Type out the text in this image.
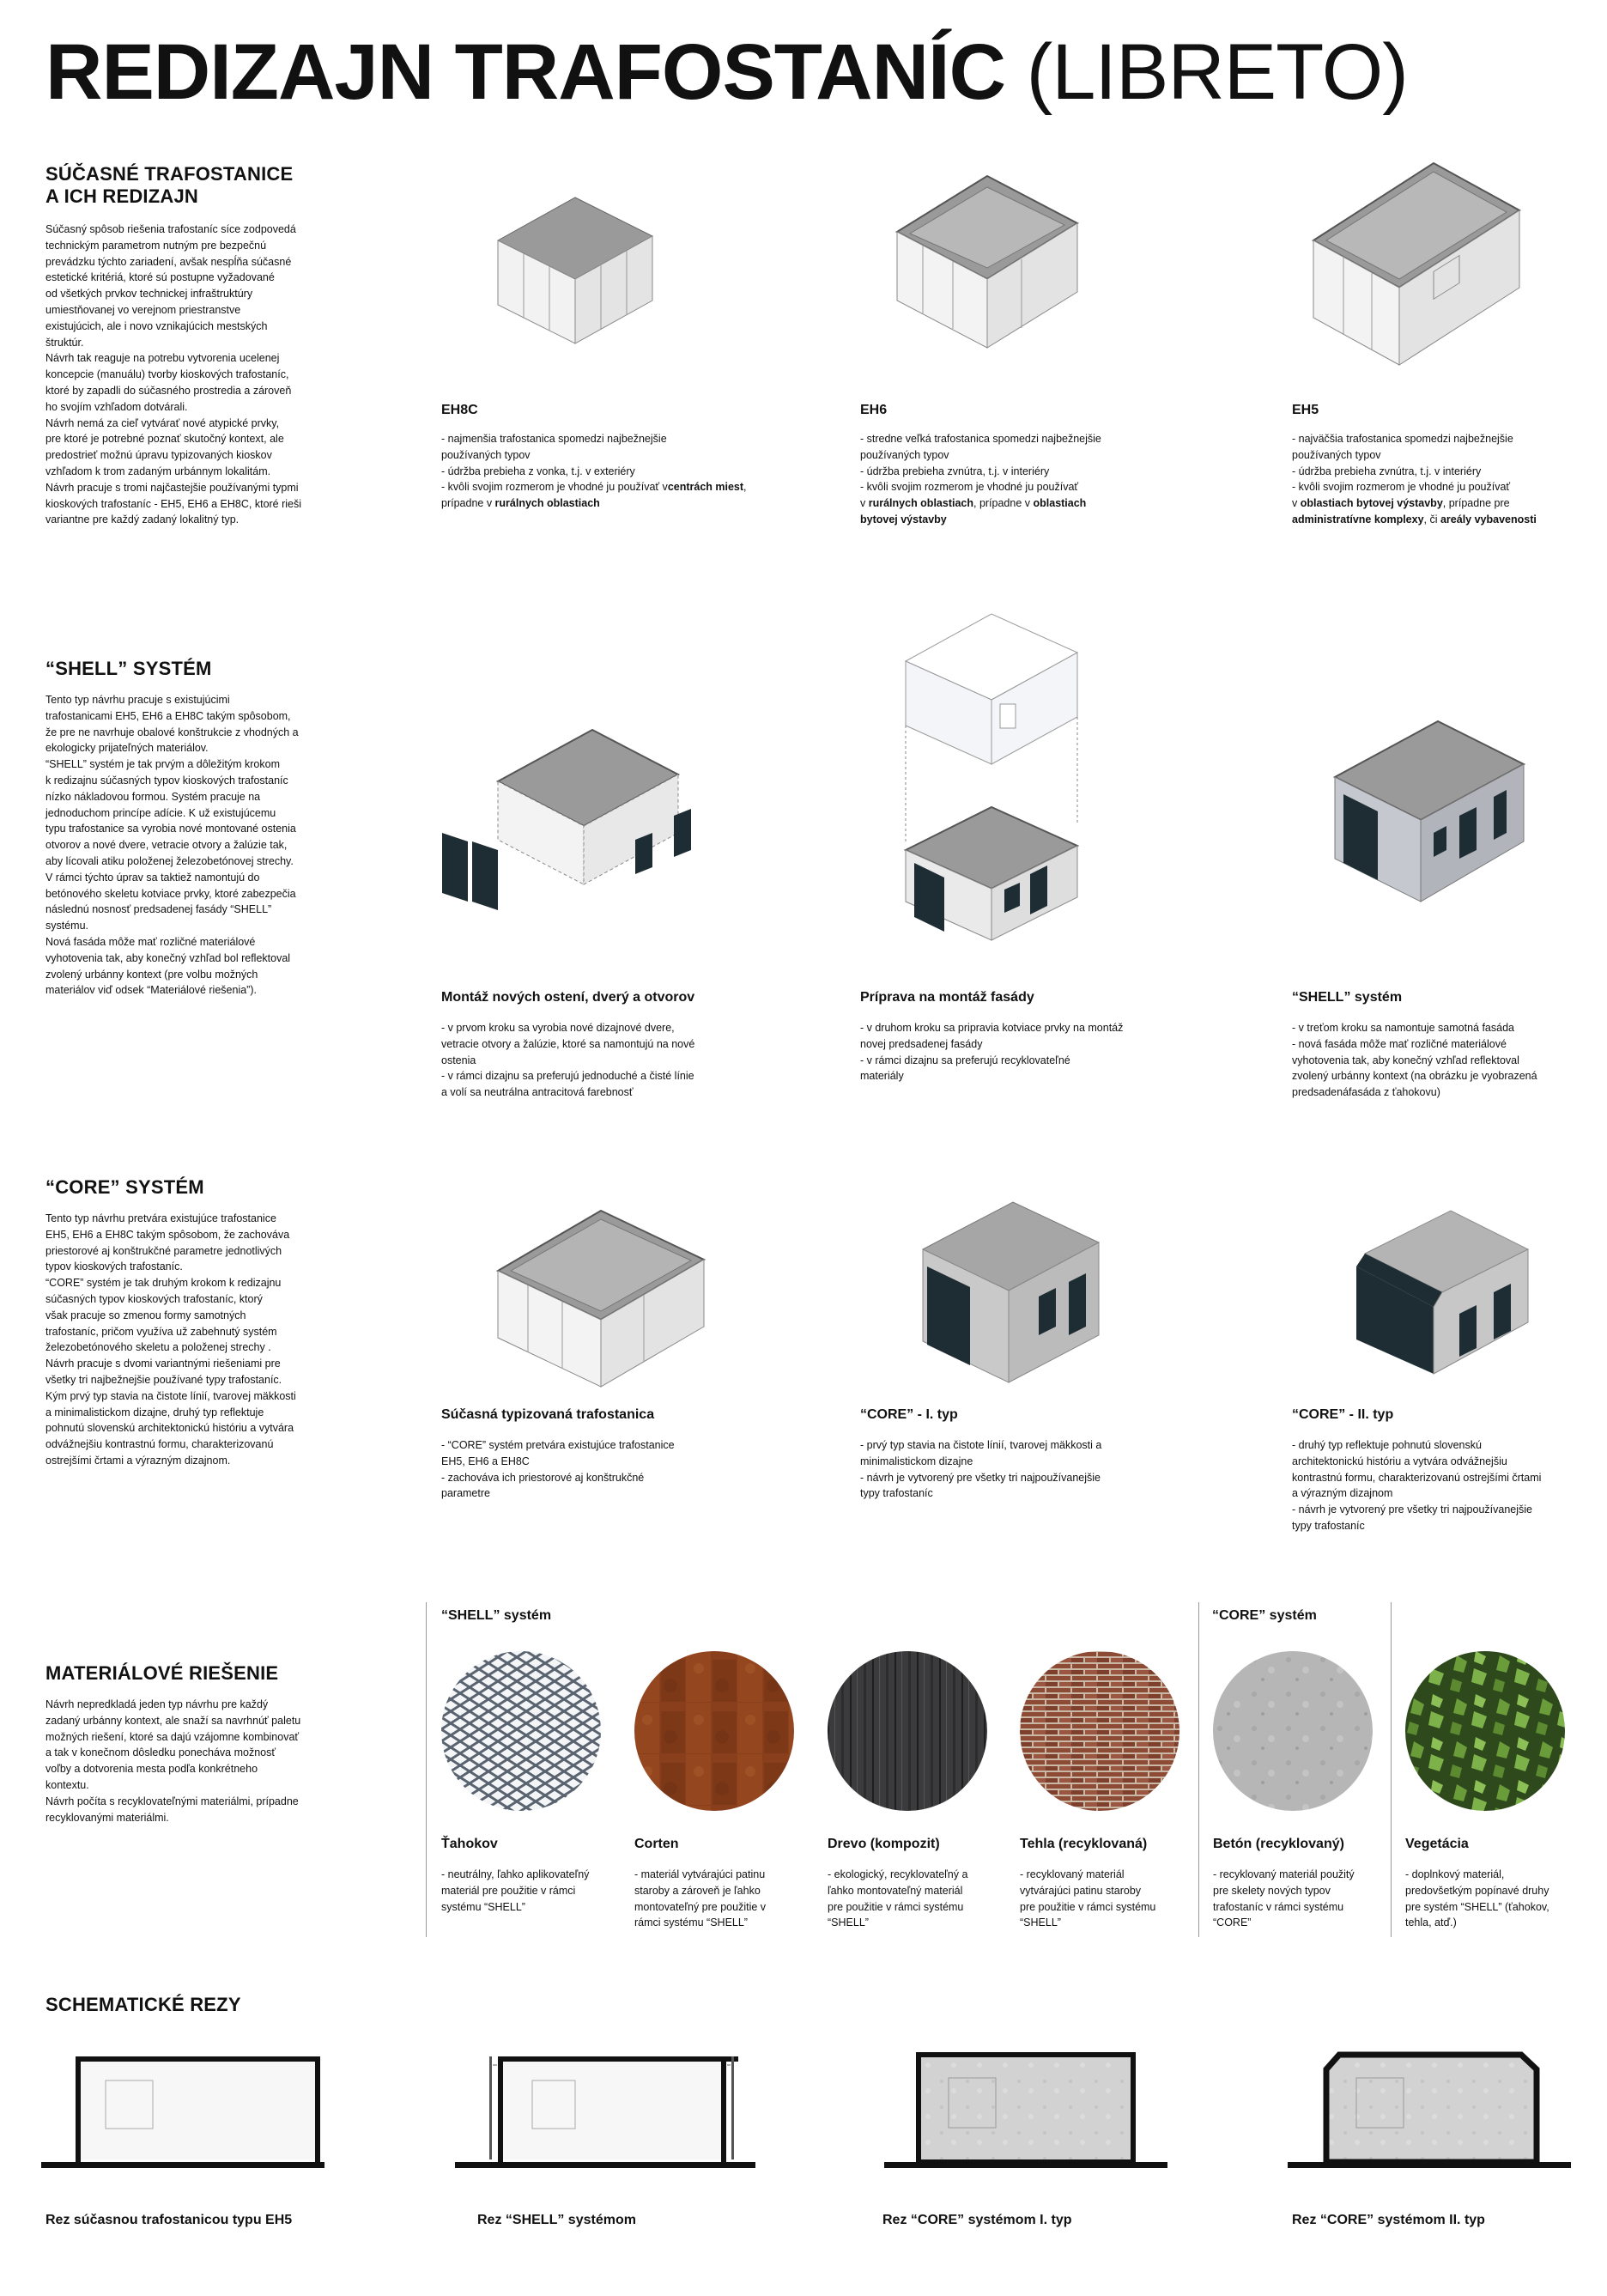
REDIZAJN TRAFOSTANÍC (LIBRETO)
SÚČASNÉ TRAFOSTANICE
A ICH REDIZAJN
Súčasný spôsob riešenia trafostaníc síce zodpovedá
technickým parametrom nutným pre bezpečnú
prevádzku týchto zariadení, avšak nespĺňa súčasné
estetické kritériá, ktoré sú postupne vyžadované
od všetkých prvkov technickej infraštruktúry
umiestňovanej vo verejnom priestranstve
existujúcich, ale i novo vznikajúcich mestských
štruktúr.
Návrh tak reaguje na potrebu vytvorenia ucelenej
koncepcie (manuálu) tvorby kioskových trafostaníc,
ktoré by zapadli do súčasného prostredia a zároveň
ho svojím vzhľadom dotvárali.
Návrh nemá za cieľ vytvárať nové atypické prvky,
pre ktoré je potrebné poznať skutočný kontext, ale
predostrieť možnú úpravu typizovaných kioskov
vzhľadom k trom zadaným urbánnym lokalitám.
Návrh pracuje s tromi najčastejšie používanými typmi
kioskových trafostaníc - EH5, EH6 a EH8C, ktoré rieši
variantne pre každý zadaný lokalitný typ.
EH8C
- najmenšia trafostanica spomedzi najbežnejšie
používaných typov
- údržba prebieha z vonka, t.j. v exteriéry
- kvôli svojim rozmerom je vhodné ju používať vcentrách miest, prípadne v rurálnych oblastiach
EH6
- stredne veľká trafostanica spomedzi najbežnejšie
používaných typov
- údržba prebieha zvnútra, t.j. v interiéry
- kvôli svojim rozmerom je vhodné ju používať
v rurálnych oblastiach, prípadne v oblastiach
bytovej výstavby
EH5
- najväčšia trafostanica spomedzi najbežnejšie
používaných typov
- údržba prebieha zvnútra, t.j. v interiéry
- kvôli svojim rozmerom je vhodné ju používať
v oblastiach bytovej výstavby, prípadne pre
administratívne komplexy, či areály vybavenosti
“SHELL” SYSTÉM
Tento typ návrhu pracuje s existujúcimi
trafostanicami EH5, EH6 a EH8C takým spôsobom,
že pre ne navrhuje obalové konštrukcie z vhodných a
ekologicky prijateľných materiálov.
“SHELL” systém je tak prvým a dôležitým krokom
k redizajnu súčasných typov kioskových trafostaníc
nízko nákladovou formou. Systém pracuje na
jednoduchom princípe adície. K už existujúcemu
typu trafostanice sa vyrobia nové montované ostenia
otvorov a nové dvere, vetracie otvory a žalúzie tak,
aby lícovali atiku položenej železobetónovej strechy.
V rámci týchto úprav sa taktiež namontujú do
betónového skeletu kotviace prvky, ktoré zabezpečia
následnú nosnosť predsadenej fasády “SHELL”
systému.
Nová fasáda môže mať rozličné materiálové
vyhotovenia tak, aby konečný vzhľad bol reflektoval
zvolený urbánny kontext (pre volbu možných
materiálov viď odsek “Materiálové riešenia”).	Montáž nových ostení, dverý a otvorov
- v prvom kroku sa vyrobia nové dizajnové dvere,
vetracie otvory a žalúzie, ktoré sa namontujú na nové
ostenia
- v rámci dizajnu sa preferujú jednoduché a čisté línie
a volí sa neutrálna antracitová farebnosť
Príprava na montáž fasády
- v druhom kroku sa pripravia kotviace prvky na montáž
novej predsadenej fasády
- v rámci dizajnu sa preferujú recyklovateľné
materiály
“SHELL” systém
- v treťom kroku sa namontuje samotná fasáda
- nová fasáda môže mať rozličné materiálové
vyhotovenia tak, aby konečný vzhľad reflektoval
zvolený urbánny kontext (na obrázku je vyobrazená
predsadenáfasáda z ťahokovu)
“CORE” SYSTÉM
Tento typ návrhu pretvára existujúce trafostanice
EH5, EH6 a EH8C takým spôsobom, že zachováva
priestorové aj konštrukčné parametre jednotlivých
typov kioskových trafostaníc.
“CORE” systém je tak druhým krokom k redizajnu
súčasných typov kioskových trafostaníc, ktorý
však pracuje so zmenou formy samotných
trafostaníc, pričom využíva už zabehnutý systém
železobetónového skeletu a položenej strechy .
Návrh pracuje s dvomi variantnými riešeniami pre
všetky tri najbežnejšie používané typy trafostaníc.
Kým prvý typ stavia na čistote línií, tvarovej mäkkosti
a minimalistickom dizajne, druhý typ reflektuje
pohnutú slovenskú architektonickú históriu a vytvára
odvážnejšiu kontrastnú formu, charakterizovanú
ostrejšími črtami a výrazným dizajnom.
Súčasná typizovaná trafostanica
- “CORE” systém pretvára existujúce trafostanice
EH5, EH6 a EH8C
- zachováva ich priestorové aj konštrukčné
parametre
“CORE” - I. typ
- prvý typ stavia na čistote línií, tvarovej mäkkosti a
minimalistickom dizajne
- návrh je vytvorený pre všetky tri najpoužívanejšie
typy trafostaníc
“CORE” - II. typ
- druhý typ reflektuje pohnutú slovenskú
architektonickú históriu a vytvára odvážnejšiu
kontrastnú formu, charakterizovanú ostrejšími črtami
a výrazným dizajnom
- návrh je vytvorený pre všetky tri najpoužívanejšie
typy trafostaníc
MATERIÁLOVÉ RIEŠENIE
Návrh nepredkladá jeden typ návrhu pre každý
zadaný urbánny kontext, ale snaží sa navrhnúť paletu
možných riešení, ktoré sa dajú vzájomne kombinovať
a tak v konečnom dôsledku ponecháva možnosť
voľby a dotvorenia mesta podľa konkrétneho
kontextu.
Návrh počíta s recyklovateľnými materiálmi, prípadne
recyklovanými materiálmi.
“SHELL” systém	“CORE” systém
Ťahokov
- neutrálny, ľahko aplikovateľný
materiál pre použitie v rámci
systému “SHELL”
Corten
- materiál vytvárajúci patinu
staroby a zároveň je ľahko
montovateľný pre použitie v
rámci systému “SHELL”
Drevo (kompozit)
- ekologický, recyklovateľný a
ľahko montovateľný materiál
pre použitie v rámci systému
“SHELL”
Tehla (recyklovaná)
- recyklovaný materiál
vytvárajúci patinu staroby
pre použitie v rámci systému
“SHELL”
Betón (recyklovaný)
- recyklovaný materiál použitý
pre skelety nových typov
trafostaníc v rámci systému
“CORE”
Vegetácia
- doplnkový materiál,
predovšetkým popínavé druhy
pre systém “SHELL” (ťahokov,
tehla, atď.)
SCHEMATICKÉ REZY
Rez súčasnou trafostanicou typu EH5	Rez “SHELL” systémom	Rez “CORE” systémom I. typ	Rez “CORE” systémom II. typ
